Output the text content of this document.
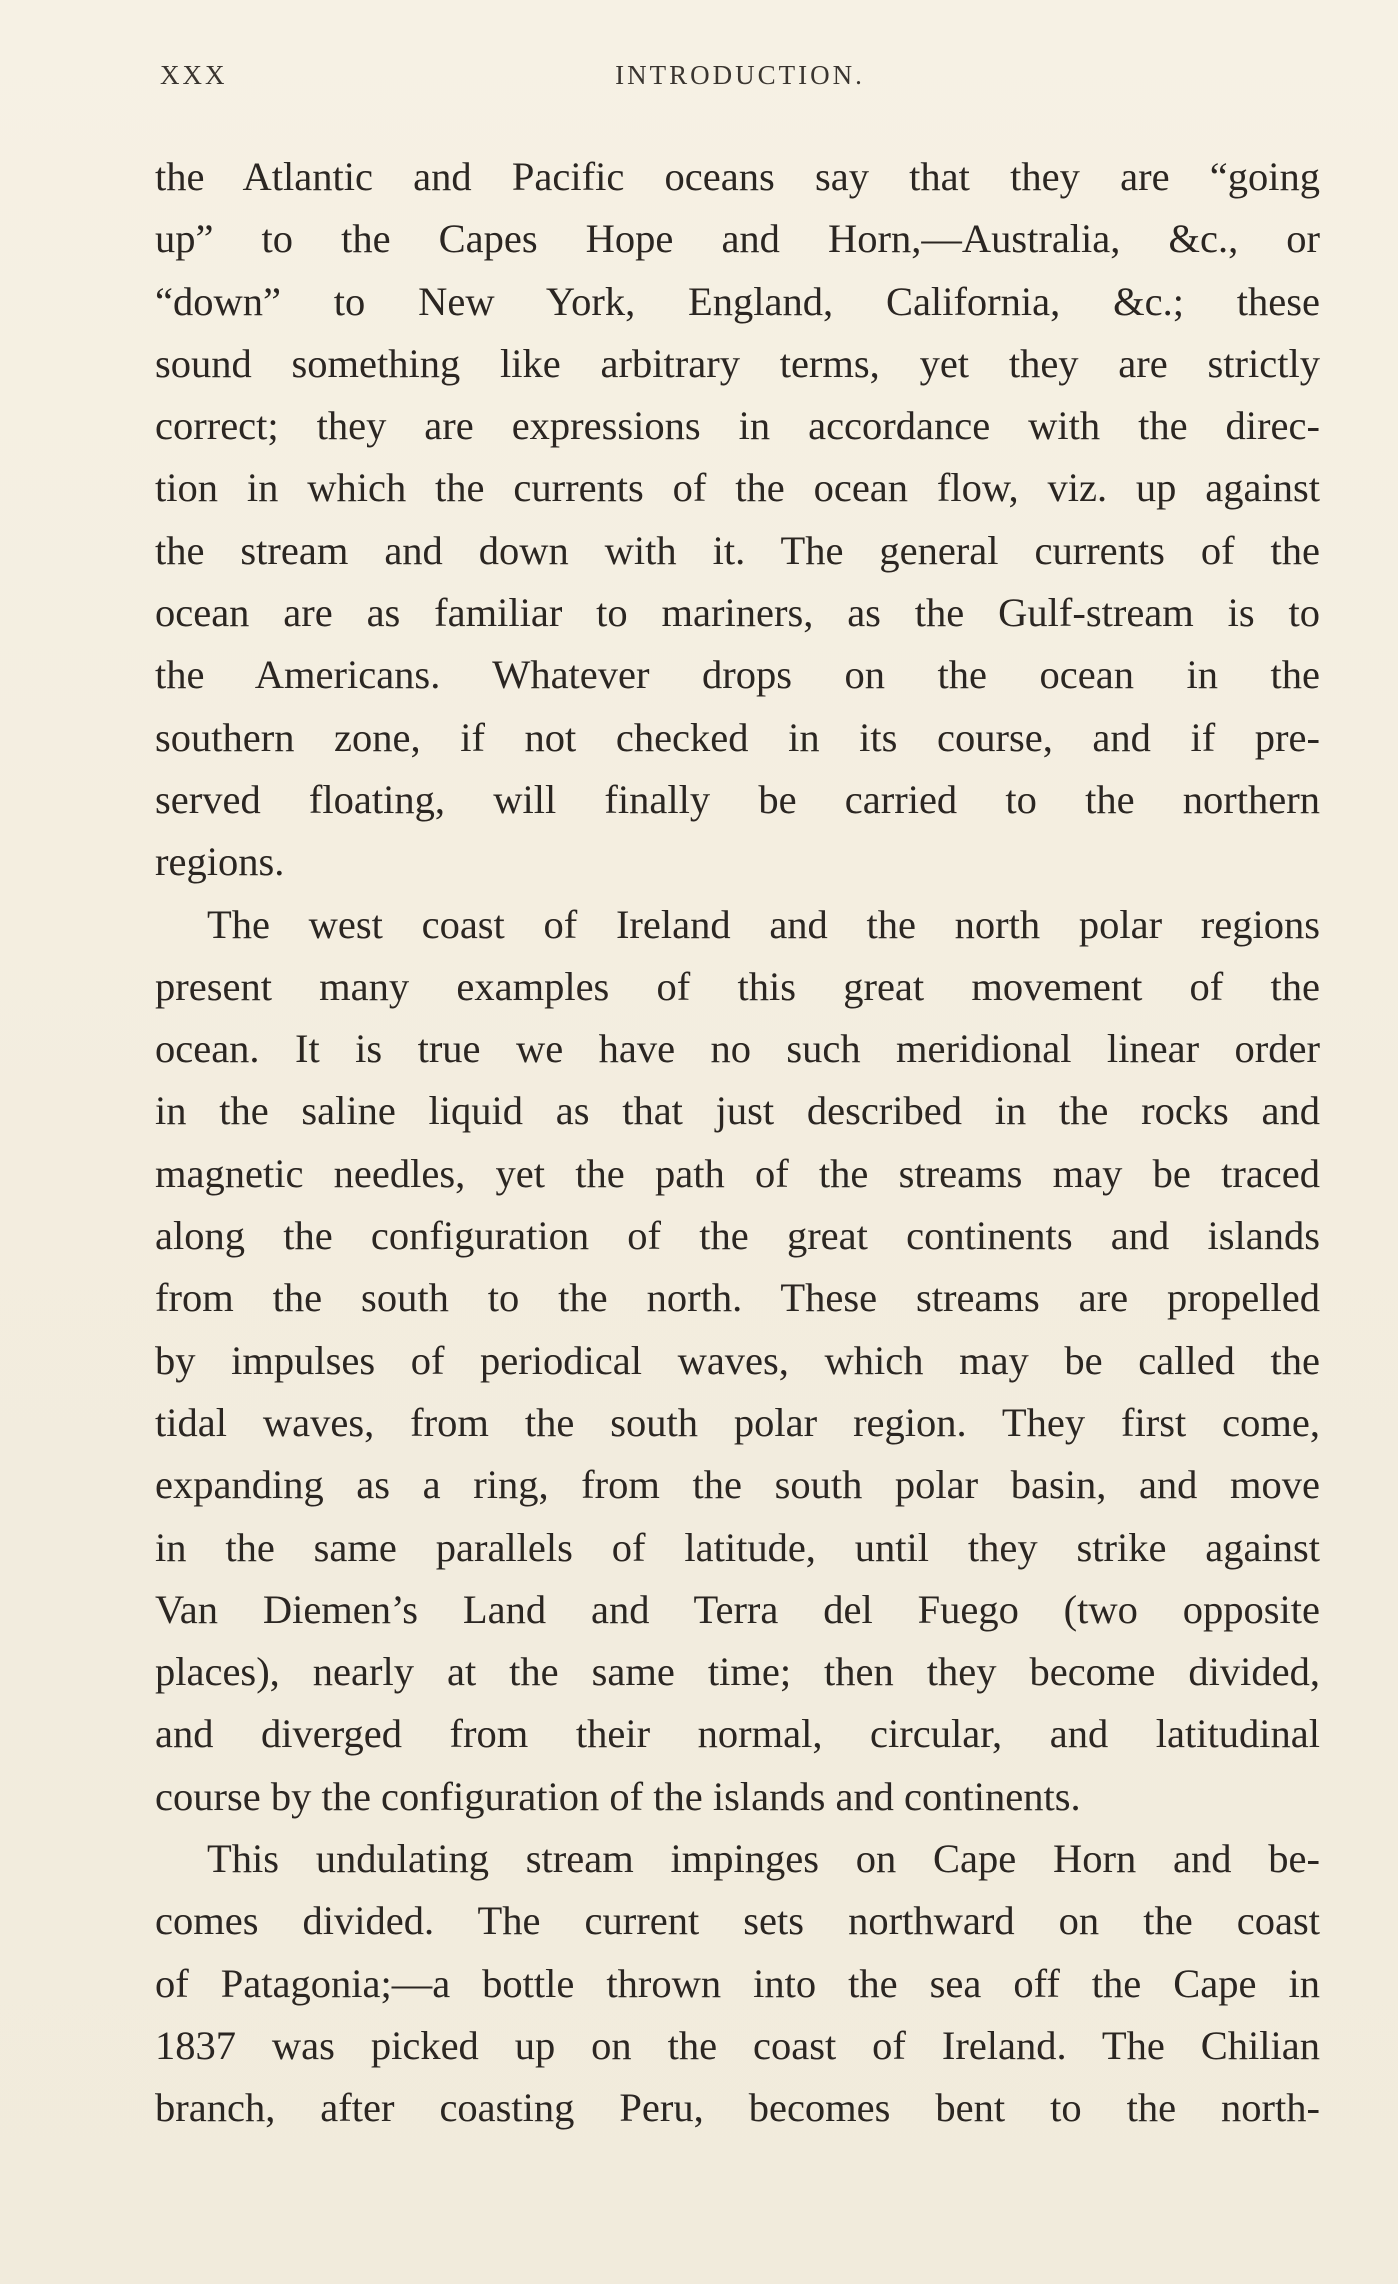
XXX	INTRODUCTION.

the Atlantic and Pacific oceans say that they are “going
up” to the Capes Hope and Horn,—Australia, &c., or
“down” to New York, England, California, &c.; these
sound something like arbitrary terms, yet they are strictly
correct; they are expressions in accordance with the direc-
tion in which the currents of the ocean flow, viz. up against
the stream and down with it. The general currents of the
ocean are as familiar to mariners, as the Gulf-stream is to
the Americans. Whatever drops on the ocean in the
southern zone, if not checked in its course, and if pre-
served floating, will finally be carried to the northern
regions.

The west coast of Ireland and the north polar regions
present many examples of this great movement of the
ocean. It is true we have no such meridional linear order
in the saline liquid as that just described in the rocks and
magnetic needles, yet the path of the streams may be traced
along the configuration of the great continents and islands
from the south to the north. These streams are propelled
by impulses of periodical waves, which may be called the
tidal waves, from the south polar region. They first come,
expanding as a ring, from the south polar basin, and move
in the same parallels of latitude, until they strike against
Van Diemen’s Land and Terra del Fuego (two opposite
places), nearly at the same time; then they become divided,
and diverged from their normal, circular, and latitudinal
course by the configuration of the islands and continents.

This undulating stream impinges on Cape Horn and be-
comes divided. The current sets northward on the coast
of Patagonia;—a bottle thrown into the sea off the Cape in
1837 was picked up on the coast of Ireland. The Chilian
branch, after coasting Peru, becomes bent to the north-
